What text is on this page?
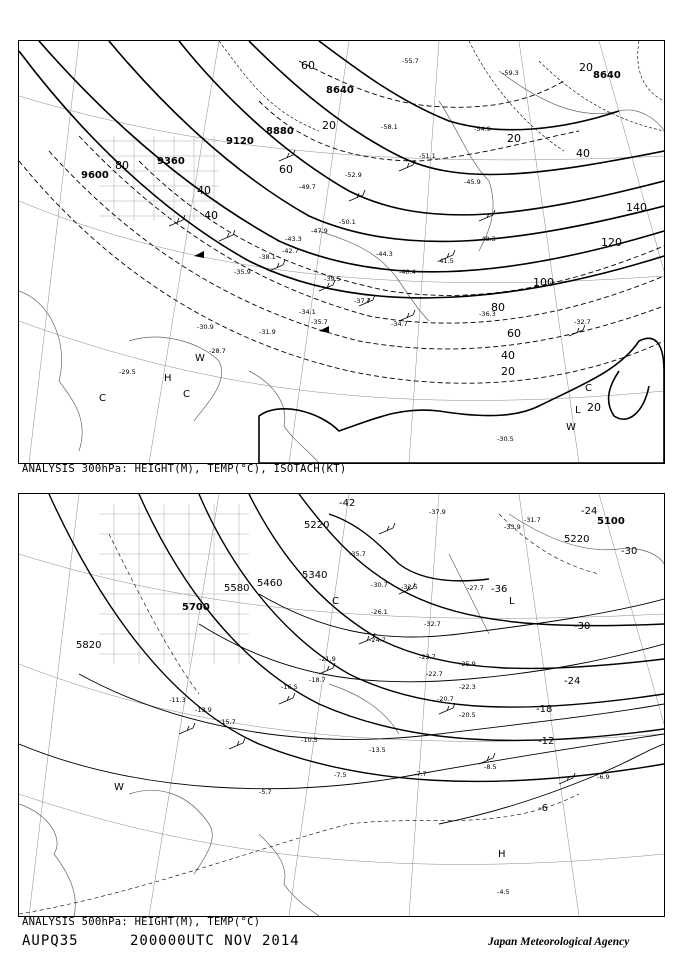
9600
9360
9120
8880
8640
8640
20
40
60
80
100
120
140
20
40
60
80
20
40
60	20
40
20
H
C	C
W
L
W
C
-34.7
-37.7
-36.3
-32.7
-30.5
-31.9
-35.7
-34.1
-30.9
-28.7
-29.5
-40.4
-48.3
-50.1
-54.9
-55.7
-58.1
-59.3
-52.9
-44.3
-42.7
-41.5
-45.9
-47.9
-43.3
-35.9
-38.1
-39.5
-51.1
-49.7
ANALYSIS 300hPa: HEIGHT(M), TEMP(°C), ISOTACH(KT)
5700
5820
5220	5100
5220
5340
5460
5580
-42
-36
-30
-24
-18
-12
-6
-30
-24
C	L
W
H
-37.9
-33.9
-31.7
-32.5
-35.7
-30.7
-26.1
-24.7
-22.7
-20.7
-22.3
-20.5
-13.5
-8.5
-7.7
-7.5
-5.7
-6.9
-4.5
-11.3
-13.9
-15.7
-10.5
-16.5
-21.9	-23.7
-27.7
-32.7
-25.9
-18.7
ANALYSIS 500hPa: HEIGHT(M), TEMP(°C)
AUPQ35	200000UTC NOV 2014	Japan Meteorological Agency
